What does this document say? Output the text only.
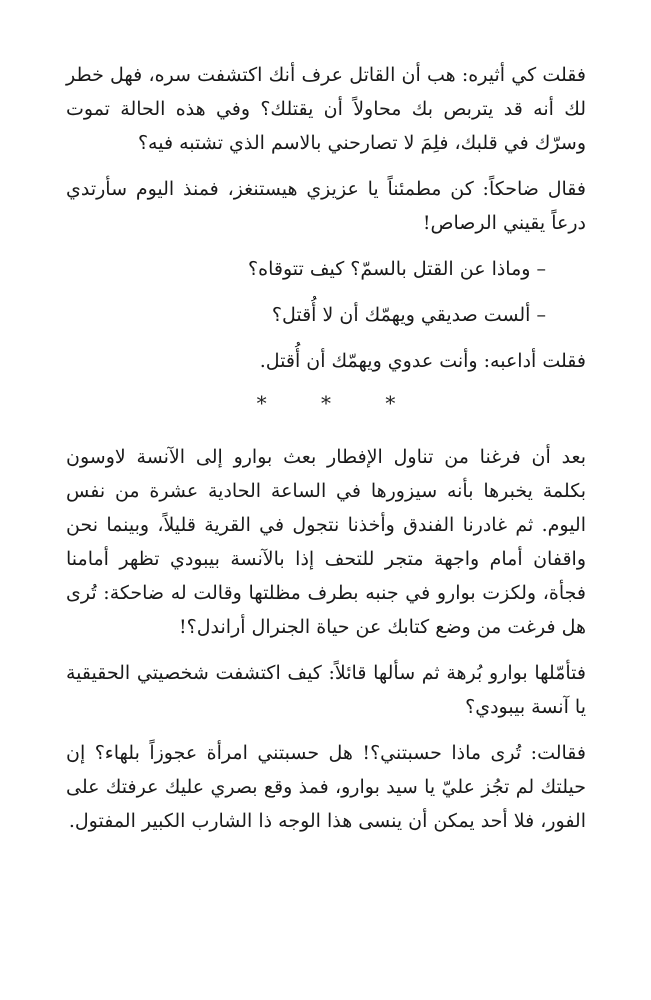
فقلت كي أثيره: هب أن القاتل عرف أنك اكتشفت سره، فهل خطر لك أنه قد يتربص بك محاولاً أن يقتلك؟ وفي هذه الحالة تموت وسرّك في قلبك، فلِمَ لا تصارحني بالاسم الذي تشتبه فيه؟

فقال ضاحكاً: كن مطمئناً يا عزيزي هيستنغز، فمنذ اليوم سأرتدي درعاً يقيني الرصاص!

– وماذا عن القتل بالسمّ؟ كيف تتوقاه؟

– ألست صديقي ويهمّك أن لا أُقتل؟

فقلت أداعبه: وأنت عدوي ويهمّك أن أُقتل.

* * *

بعد أن فرغنا من تناول الإفطار بعث بوارو إلى الآنسة لاوسون بكلمة يخبرها بأنه سيزورها في الساعة الحادية عشرة من نفس اليوم. ثم غادرنا الفندق وأخذنا نتجول في القرية قليلاً، وبينما نحن واقفان أمام واجهة متجر للتحف إذا بالآنسة بيبودي تظهر أمامنا فجأة، ولكزت بوارو في جنبه بطرف مظلتها وقالت له ضاحكة: تُرى هل فرغت من وضع كتابك عن حياة الجنرال أراندل؟!

فتأمّلها بوارو بُرهة ثم سألها قائلاً: كيف اكتشفت شخصيتي الحقيقية يا آنسة بيبودي؟

فقالت: تُرى ماذا حسبتني؟! هل حسبتني امرأة عجوزاً بلهاء؟ إن حيلتك لم تجُز عليّ يا سيد بوارو، فمذ وقع بصري عليك عرفتك على الفور، فلا أحد يمكن أن ينسى هذا الوجه ذا الشارب الكبير المفتول.
